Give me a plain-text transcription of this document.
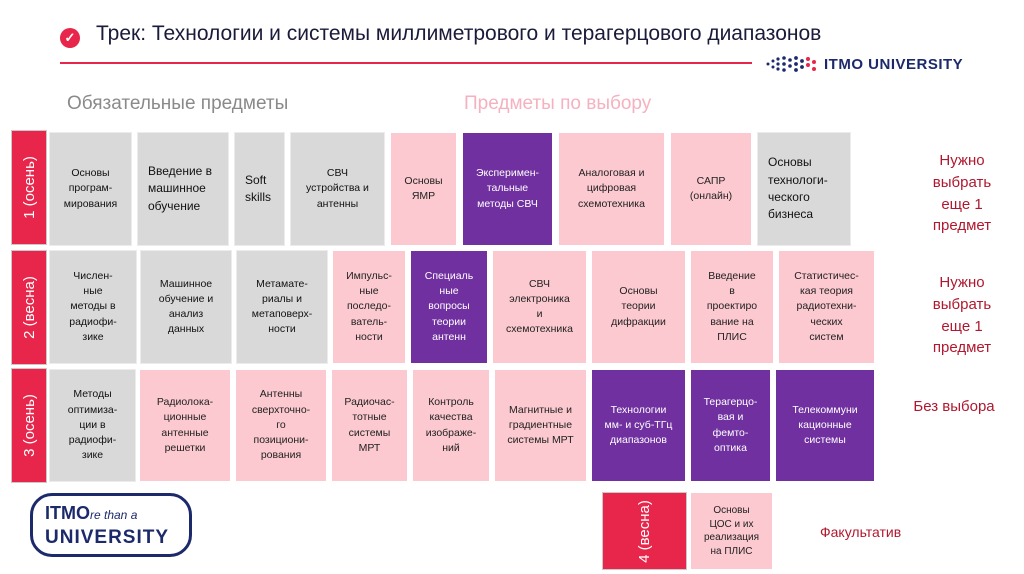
✓ Трек: Технологии и системы миллиметрового и терагерцового диапазонов
ITMO UNIVERSITY
Обязательные предметы	Предметы по выбору
1 (осень)
2 (весна)
3 (осень)
4 (весна)
Основы
програм-
мирования
Введение в
машинное
обучение
Soft
skills
СВЧ
устройства и
антенны
Основы
ЯМР
Эксперимен-
тальные
методы СВЧ
Аналоговая и
цифровая
схемотехника
САПР
(онлайн)
Основы
технологи-
ческого
бизнеса
Числен-
ные
методы в
радиофи-
зике
Машинное
обучение и
анализ
данных
Метамате-
риалы и
метаповерх-
ности
Импульс-
ные
последо-
ватель-
ности
Специаль
ные
вопросы
теории
антенн
СВЧ
электроника
и
схемотехника
Основы
теории
дифракции
Введение
в
проектиро
вание на
ПЛИС
Статистичес-
кая теория
радиотехни-
ческих
систем
Методы
оптимиза-
ции в
радиофи-
зике
Радиолока-
ционные
антенные
решетки
Антенны
сверхточно-
го
позициони-
рования
Радиочас-
тотные
системы
МРТ
Контроль
качества
изображе-
ний
Магнитные и
градиентные
системы МРТ
Технологии
мм- и суб-ТГц
диапазонов
Терагерцо-
вая и
фемто-
оптика
Телекоммуни
кационные
системы
Основы
ЦОС и их
реализация
на ПЛИС
Нужно
выбрать
еще 1
предмет
Нужно
выбрать
еще 1
предмет
Без выбора
Факультатив
ITMOre than a
UNIVERSITY
